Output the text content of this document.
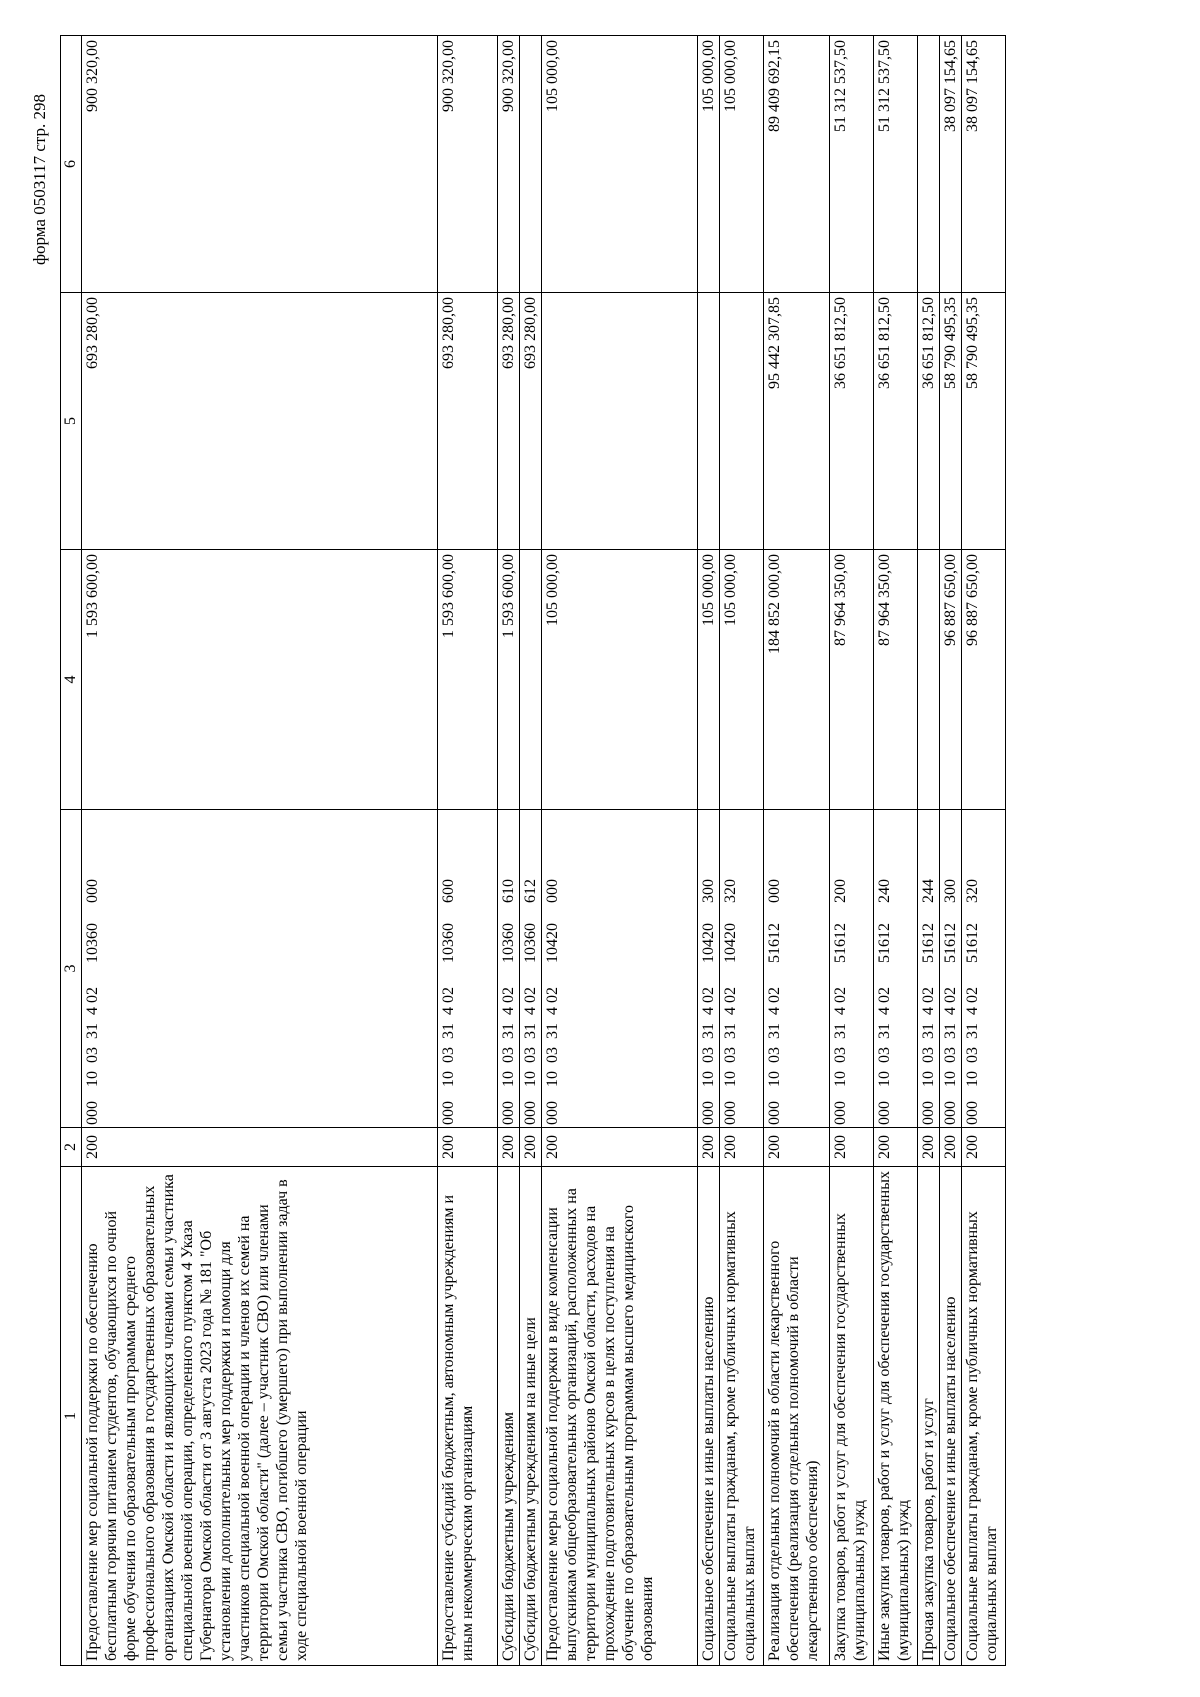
форма 0503117 стр. 298
1	2	3	4	5	6
Предоставление мер социальной поддержки по обеспечению бесплатным горячим питанием студентов, обучающихся по очной форме обучения по образовательным программам среднего профессионального образования в государственных образовательных организациях Омской области и являющихся членами семьи участника специальной военной операции, определенного пунктом 4 Указа Губернатора Омской области от 3 августа 2023 года № 181 "Об установлении дополнительных мер поддержки и помощи для участников специальной военной операции и членов их семей на территории Омской области" (далее – участник СВО) или членами семьи участника СВО, погибшего (умершего) при выполнении задач в ходе специальной военной операции	200	00010033140210360000	1 593 600,00	693 280,00	900 320,00
Предоставление субсидий бюджетным, автономным учреждениям и иным некоммерческим организациям	200	00010033140210360600	1 593 600,00	693 280,00	900 320,00
Субсидии бюджетным учреждениям	200	00010033140210360610	1 593 600,00	693 280,00	900 320,00
Субсидии бюджетным учреждениям на иные цели	200	00010033140210360612		693 280,00	
Предоставление меры социальной поддержки в виде компенсации выпускникам общеобразовательных организаций, расположенных на территории муниципальных районов Омской области, расходов на прохождение подготовительных курсов в целях поступления на обучение по образовательным программам высшего медицинского образования	200	00010033140210420000	105 000,00		105 000,00
Социальное обеспечение и иные выплаты населению	200	00010033140210420300	105 000,00		105 000,00
Социальные выплаты гражданам, кроме публичных нормативных социальных выплат	200	00010033140210420320	105 000,00		105 000,00
Реализация отдельных полномочий в области лекарственного обеспечения (реализация отдельных полномочий в области лекарственного обеспечения)	200	00010033140251612000	184 852 000,00	95 442 307,85	89 409 692,15
Закупка товаров, работ и услуг для обеспечения государственных (муниципальных) нужд	200	00010033140251612200	87 964 350,00	36 651 812,50	51 312 537,50
Иные закупки товаров, работ и услуг для обеспечения государственных (муниципальных) нужд	200	00010033140251612240	87 964 350,00	36 651 812,50	51 312 537,50
Прочая закупка товаров, работ и услуг	200	00010033140251612244		36 651 812,50	
Социальное обеспечение и иные выплаты населению	200	00010033140251612300	96 887 650,00	58 790 495,35	38 097 154,65
Социальные выплаты гражданам, кроме публичных нормативных социальных выплат	200	00010033140251612320	96 887 650,00	58 790 495,35	38 097 154,65
